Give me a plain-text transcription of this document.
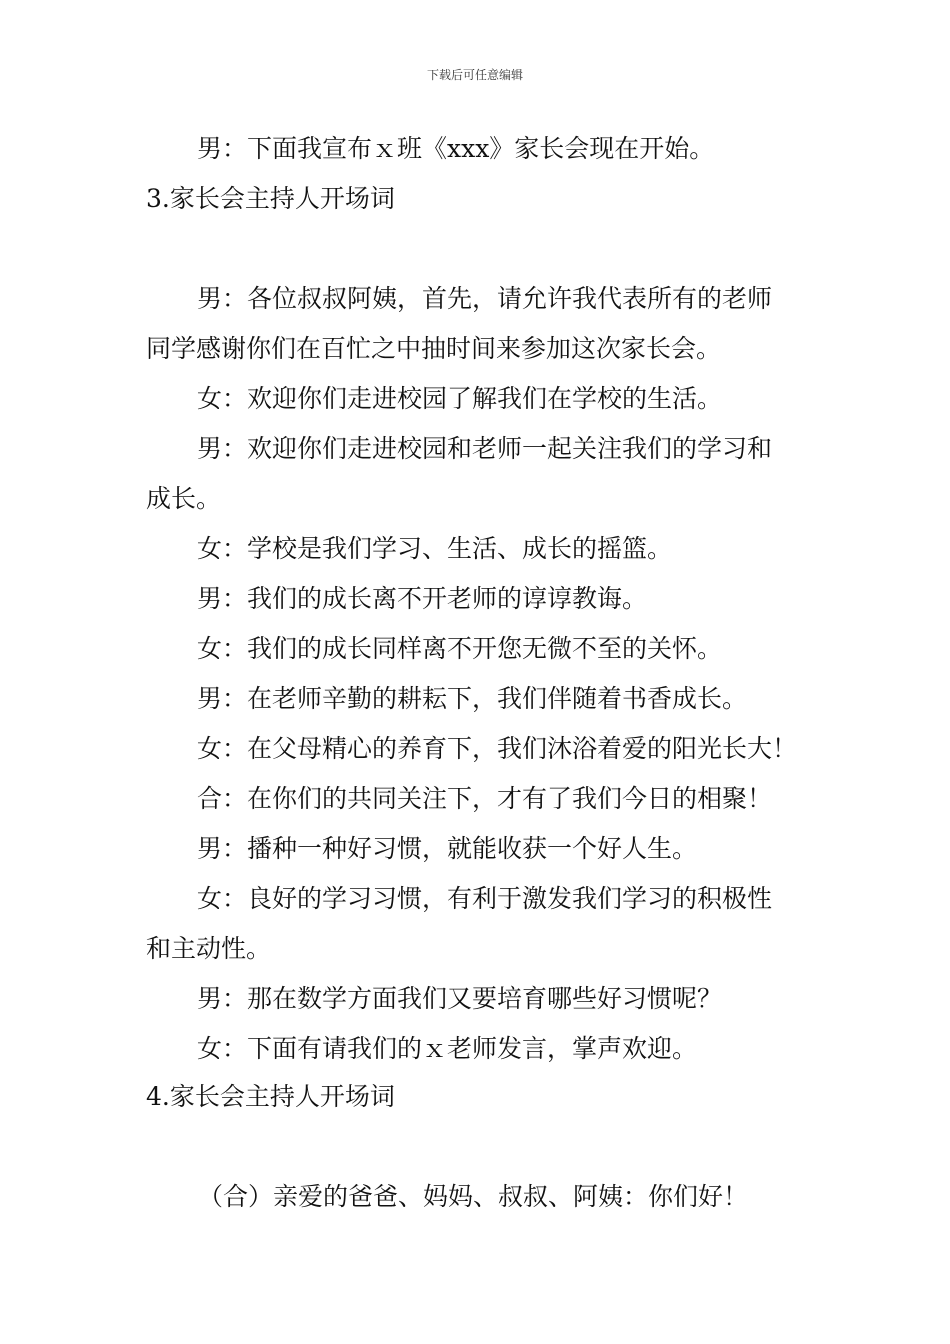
下载后可任意编辑
男：下面我宣布ｘ班《xxx》家长会现在开始。
3.家长会主持人开场词
男：各位叔叔阿姨，首先，请允许我代表所有的老师
同学感谢你们在百忙之中抽时间来参加这次家长会。
女：欢迎你们走进校园了解我们在学校的生活。
男：欢迎你们走进校园和老师一起关注我们的学习和
成长。
女：学校是我们学习、生活、成长的摇篮。
男：我们的成长离不开老师的谆谆教诲。
女：我们的成长同样离不开您无微不至的关怀。
男：在老师辛勤的耕耘下，我们伴随着书香成长。
女：在父母精心的养育下，我们沐浴着爱的阳光长大！
合：在你们的共同关注下，才有了我们今日的相聚！
男：播种一种好习惯，就能收获一个好人生。
女：良好的学习习惯，有利于激发我们学习的积极性
和主动性。
男：那在数学方面我们又要培育哪些好习惯呢？
女：下面有请我们的ｘ老师发言，掌声欢迎。
4.家长会主持人开场词
（合）亲爱的爸爸、妈妈、叔叔、阿姨：你们好！
